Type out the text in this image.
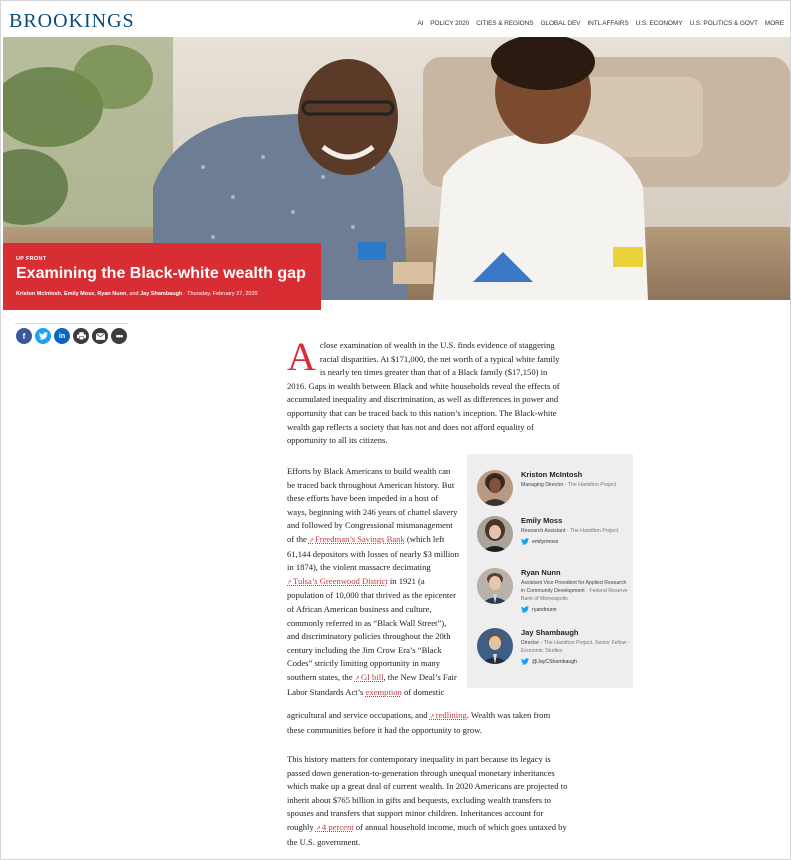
BROOKINGS	AI POLICY 2020 CITIES & REGIONS GLOBAL DEV INTL AFFAIRS U.S. ECONOMY U.S. POLITICS & GOVT MORE
UP FRONT
Examining the Black-white wealth gap
Kriston McIntosh, Emily Moss, Ryan Nunn, and Jay Shambaugh · Thursday, February 27, 2020
f	in	•••	A close examination of wealth in the U.S. finds evidence of staggering racial disparities. At $171,000, the net worth of a typical white family is nearly ten times greater than that of a Black family ($17,150) in 2016. Gaps in wealth between Black and white households reveal the effects of accumulated inequality and discrimination, as well as differences in power and opportunity that can be traced back to this nation’s inception. The Black-white wealth gap reflects a society that has not and does not afford equality of opportunity to all its citizens.
Efforts by Black Americans to build wealth can be traced back throughout American history. But these efforts have been impeded in a host of ways, beginning with 246 years of chattel slavery and followed by Congressional mismanagement of the ↗Freedman’s Savings Bank (which left 61,144 depositors with losses of nearly $3 million in 1874), the violent massacre decimating ↗Tulsa’s Greenwood District in 1921 (a population of 10,000 that thrived as the epicenter of African American business and culture, commonly referred to as “Black Wall Street”), and discriminatory policies throughout the 20th century including the Jim Crow Era’s “Black Codes” strictly limiting opportunity in many southern states, the ↗GI bill, the New Deal’s Fair Labor Standards Act’s exemption of domestic
agricultural and service occupations, and ↗redlining. Wealth was taken from these communities before it had the opportunity to grow.
This history matters for contemporary inequality in part because its legacy is passed down generation-to-generation through unequal monetary inheritances which make up a great deal of current wealth. In 2020 Americans are projected to inherit about $765 billion in gifts and bequests, excluding wealth transfers to spouses and transfers that support minor children. Inheritances account for roughly ↗4 percent of annual household income, much of which goes untaxed by the U.S. government.
Kriston McIntosh
Managing Director - The Hamilton Project
Emily Moss
Research Assistant - The Hamilton Project
emilyrmoss
Ryan Nunn
Assistant Vice President for Applied Research in Community Development - Federal Reserve Bank of Minneapolis
ryandnunn
Jay Shambaugh
Director - The Hamilton Project, Senior Fellow - Economic Studies
@JayCShambaugh
